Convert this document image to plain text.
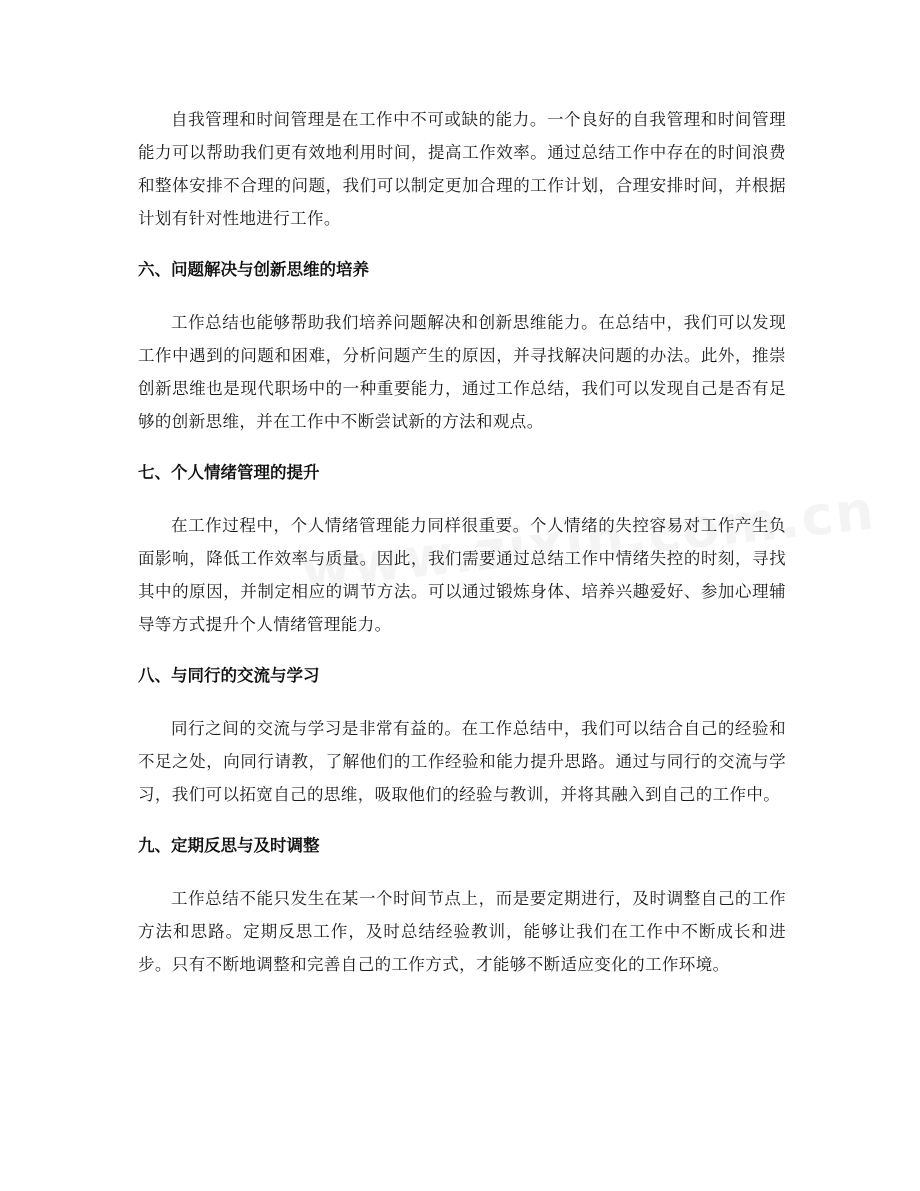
自我管理和时间管理是在工作中不可或缺的能力。一个良好的自我管理和时间管理能力可以帮助我们更有效地利用时间，提高工作效率。通过总结工作中存在的时间浪费和整体安排不合理的问题，我们可以制定更加合理的工作计划，合理安排时间，并根据计划有针对性地进行工作。

六、问题解决与创新思维的培养

工作总结也能够帮助我们培养问题解决和创新思维能力。在总结中，我们可以发现工作中遇到的问题和困难，分析问题产生的原因，并寻找解决问题的办法。此外，推崇创新思维也是现代职场中的一种重要能力，通过工作总结，我们可以发现自己是否有足够的创新思维，并在工作中不断尝试新的方法和观点。

七、个人情绪管理的提升

在工作过程中，个人情绪管理能力同样很重要。个人情绪的失控容易对工作产生负面影响，降低工作效率与质量。因此，我们需要通过总结工作中情绪失控的时刻，寻找其中的原因，并制定相应的调节方法。可以通过锻炼身体、培养兴趣爱好、参加心理辅导等方式提升个人情绪管理能力。

八、与同行的交流与学习

同行之间的交流与学习是非常有益的。在工作总结中，我们可以结合自己的经验和不足之处，向同行请教，了解他们的工作经验和能力提升思路。通过与同行的交流与学习，我们可以拓宽自己的思维，吸取他们的经验与教训，并将其融入到自己的工作中。

九、定期反思与及时调整

工作总结不能只发生在某一个时间节点上，而是要定期进行，及时调整自己的工作方法和思路。定期反思工作，及时总结经验教训，能够让我们在工作中不断成长和进步。只有不断地调整和完善自己的工作方式，才能够不断适应变化的工作环境。
